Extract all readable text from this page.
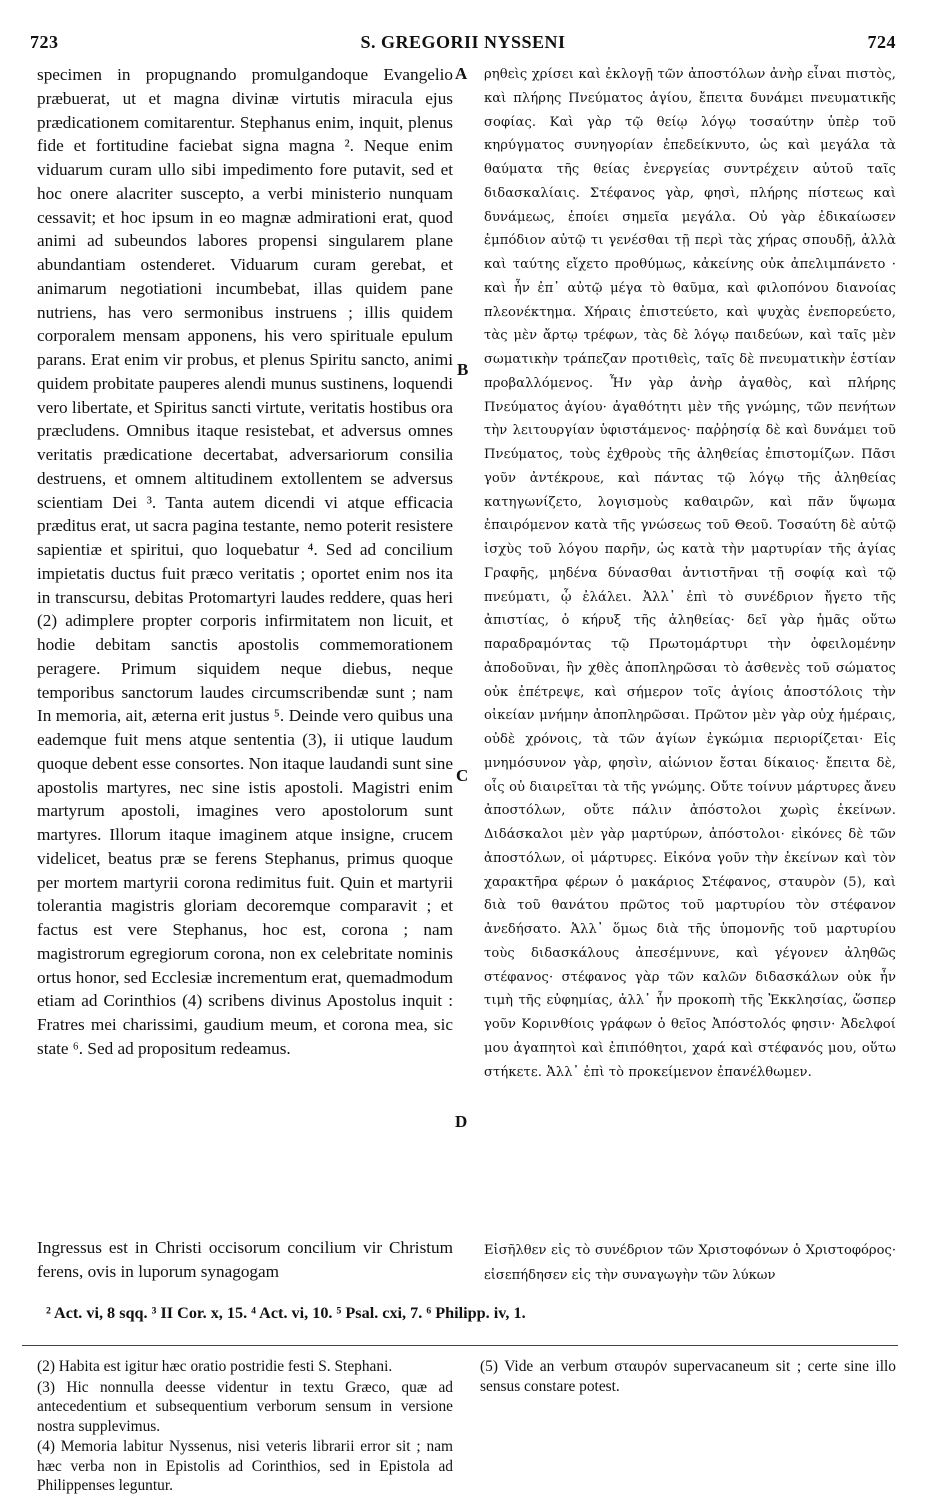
723	S. GREGORII NYSSENI	724

specimen in propugnando promulgandoque Evangelio præbuerat, ut et magna divinæ virtutis miracula ejus prædicationem comitarentur. Stephanus enim, inquit, plenus fide et fortitudine faciebat signa magna ². Neque enim viduarum curam ullo sibi impedimento fore putavit, sed et hoc onere alacriter suscepto, a verbi ministerio nunquam cessavit; et hoc ipsum in eo magnæ admirationi erat, quod animi ad subeundos labores propensi singularem plane abundantiam ostenderet. Viduarum curam gerebat, et animarum negotiationi incumbebat, illas quidem pane nutriens, has vero sermonibus instruens ; illis quidem corporalem mensam apponens, his vero spirituale epulum parans. Erat enim vir probus, et plenus Spiritu sancto, animi quidem probitate pauperes alendi munus sustinens, loquendi vero libertate, et Spiritus sancti virtute, veritatis hostibus ora præcludens. Omnibus itaque resistebat, et adversus omnes veritatis prædicatione decertabat, adversariorum consilia destruens, et omnem altitudinem extollentem se adversus scientiam Dei ³. Tanta autem dicendi vi atque efficacia præditus erat, ut sacra pagina testante, nemo poterit resistere sapientiæ et spiritui, quo loquebatur ⁴. Sed ad concilium impietatis ductus fuit præco veritatis ; oportet enim nos ita in transcursu, debitas Protomartyri laudes reddere, quas heri (2) adimplere propter corporis infirmitatem non licuit, et hodie debitam sanctis apostolis commemorationem peragere. Primum siquidem neque diebus, neque temporibus sanctorum laudes circumscribendæ sunt ; nam In memoria, ait, æterna erit justus ⁵. Deinde vero quibus una eademque fuit mens atque sententia (3), ii utique laudum quoque debent esse consortes. Non itaque laudandi sunt sine apostolis martyres, nec sine istis apostoli. Magistri enim martyrum apostoli, imagines vero apostolorum sunt martyres. Illorum itaque imaginem atque insigne, crucem videlicet, beatus præ se ferens Stephanus, primus quoque per mortem martyrii corona redimitus fuit. Quin et martyrii tolerantia magistris gloriam decoremque comparavit ; et factus est vere Stephanus, hoc est, corona ; nam magistrorum egregiorum corona, non ex celebritate nominis ortus honor, sed Ecclesiæ incrementum erat, quemadmodum etiam ad Corinthios (4) scribens divinus Apostolus inquit : Fratres mei charissimi, gaudium meum, et corona mea, sic state ⁶. Sed ad propositum redeamus.

A
B
C
D

ρηθεὶς χρίσει καὶ ἐκλογῇ τῶν ἀποστόλων ἀνὴρ εἶναι πιστὸς, καὶ πλήρης Πνεύματος ἁγίου, ἔπειτα δυνάμει πνευματικῆς σοφίας. Καὶ γὰρ τῷ θείῳ λόγῳ τοσαύτην ὑπὲρ τοῦ κηρύγματος συνηγορίαν ἐπεδείκνυτο, ὡς καὶ μεγάλα τὰ θαύματα τῆς θείας ἐνεργείας συντρέχειν αὐτοῦ ταῖς διδασκαλίαις. Στέφανος γὰρ, φησὶ, πλήρης πίστεως καὶ δυνάμεως, ἐποίει σημεῖα μεγάλα. Οὐ γὰρ ἐδικαίωσεν ἐμπόδιον αὐτῷ τι γενέσθαι τῇ περὶ τὰς χήρας σπουδῇ, ἀλλὰ καὶ ταύτης εἴχετο προθύμως, κἀκείνης οὐκ ἀπελιμπάνετο · καὶ ἦν ἐπ᾽ αὐτῷ μέγα τὸ θαῦμα, καὶ φιλοπόνου διανοίας πλεονέκτημα. Χήραις ἐπιστεύετο, καὶ ψυχὰς ἐνεπορεύετο, τὰς μὲν ἄρτῳ τρέφων, τὰς δὲ λόγῳ παιδεύων, καὶ ταῖς μὲν σωματικὴν τράπεζαν προτιθεὶς, ταῖς δὲ πνευματικὴν ἑστίαν προβαλλόμενος. Ἦν γὰρ ἀνὴρ ἀγαθὸς, καὶ πλήρης Πνεύματος ἁγίου· ἀγαθότητι μὲν τῆς γνώμης, τῶν πενήτων τὴν λειτουργίαν ὑφιστάμενος· παῤῥησίᾳ δὲ καὶ δυνάμει τοῦ Πνεύματος, τοὺς ἐχθροὺς τῆς ἀληθείας ἐπιστομίζων. Πᾶσι γοῦν ἀντέκρουε, καὶ πάντας τῷ λόγῳ τῆς ἀληθείας κατηγωνίζετο, λογισμοὺς καθαιρῶν, καὶ πᾶν ὕψωμα ἐπαιρόμενον κατὰ τῆς γνώσεως τοῦ Θεοῦ. Τοσαύτη δὲ αὐτῷ ἰσχὺς τοῦ λόγου παρῆν, ὡς κατὰ τὴν μαρτυρίαν τῆς ἁγίας Γραφῆς, μηδένα δύνασθαι ἀντιστῆναι τῇ σοφίᾳ καὶ τῷ πνεύματι, ᾧ ἐλάλει. Ἀλλ᾽ ἐπὶ τὸ συνέδριον ἤγετο τῆς ἀπιστίας, ὁ κήρυξ τῆς ἀληθείας· δεῖ γὰρ ἡμᾶς οὕτω παραδραμόντας τῷ Πρωτομάρτυρι τὴν ὀφειλομένην ἀποδοῦναι, ἣν χθὲς ἀποπληρῶσαι τὸ ἀσθενὲς τοῦ σώματος οὐκ ἐπέτρεψε, καὶ σήμερον τοῖς ἁγίοις ἀποστόλοις τὴν οἰκείαν μνήμην ἀποπληρῶσαι. Πρῶτον μὲν γὰρ οὐχ ἡμέραις, οὐδὲ χρόνοις, τὰ τῶν ἁγίων ἐγκώμια περιορίζεται· Εἰς μνημόσυνον γὰρ, φησὶν, αἰώνιον ἔσται δίκαιος· ἔπειτα δὲ, οἷς οὐ διαιρεῖται τὰ τῆς γνώμης. Οὔτε τοίνυν μάρτυρες ἄνευ ἀποστόλων, οὔτε πάλιν ἀπόστολοι χωρὶς ἐκείνων. Διδάσκαλοι μὲν γὰρ μαρτύρων, ἀπόστολοι· εἰκόνες δὲ τῶν ἀποστόλων, οἱ μάρτυρες. Εἰκόνα γοῦν τὴν ἐκείνων καὶ τὸν χαρακτῆρα φέρων ὁ μακάριος Στέφανος, σταυρὸν (5), καὶ διὰ τοῦ θανάτου πρῶτος τοῦ μαρτυρίου τὸν στέφανον ἀνεδήσατο. Ἀλλ᾽ ὅμως διὰ τῆς ὑπομονῆς τοῦ μαρτυρίου τοὺς διδασκάλους ἀπεσέμνυνε, καὶ γέγονεν ἀληθῶς στέφανος· στέφανος γὰρ τῶν καλῶν διδασκάλων οὐκ ἦν τιμὴ τῆς εὐφημίας, ἀλλ᾽ ἦν προκοπὴ τῆς Ἐκκλησίας, ὥσπερ γοῦν Κορινθίοις γράφων ὁ θεῖος Ἀπόστολός φησιν· Ἀδελφοί μου ἀγαπητοὶ καὶ ἐπιπόθητοι, χαρά καὶ στέφανός μου, οὕτω στήκετε. Ἀλλ᾽ ἐπὶ τὸ προκείμενον ἐπανέλθωμεν.

Ingressus est in Christi occisorum concilium vir Christum ferens, ovis in luporum synagogam
Εἰσῆλθεν εἰς τὸ συνέδριον τῶν Χριστοφόνων ὁ Χριστοφόρος· εἰσεπήδησεν εἰς τὴν συναγωγὴν τῶν λύκων
² Act. vi, 8 sqq. ³ II Cor. x, 15. ⁴ Act. vi, 10. ⁵ Psal. cxi, 7. ⁶ Philipp. iv, 1.

(2) Habita est igitur hæc oratio postridie festi S. Stephani.

(3) Hic nonnulla deesse videntur in textu Græco, quæ ad antecedentium et subsequentium verborum sensum in versione nostra supplevimus.

(4) Memoria labitur Nyssenus, nisi veteris librarii error sit ; nam hæc verba non in Epistolis ad Corinthios, sed in Epistola ad Philippenses leguntur.

(5) Vide an verbum σταυρόν supervacaneum sit ; certe sine illo sensus constare potest.
